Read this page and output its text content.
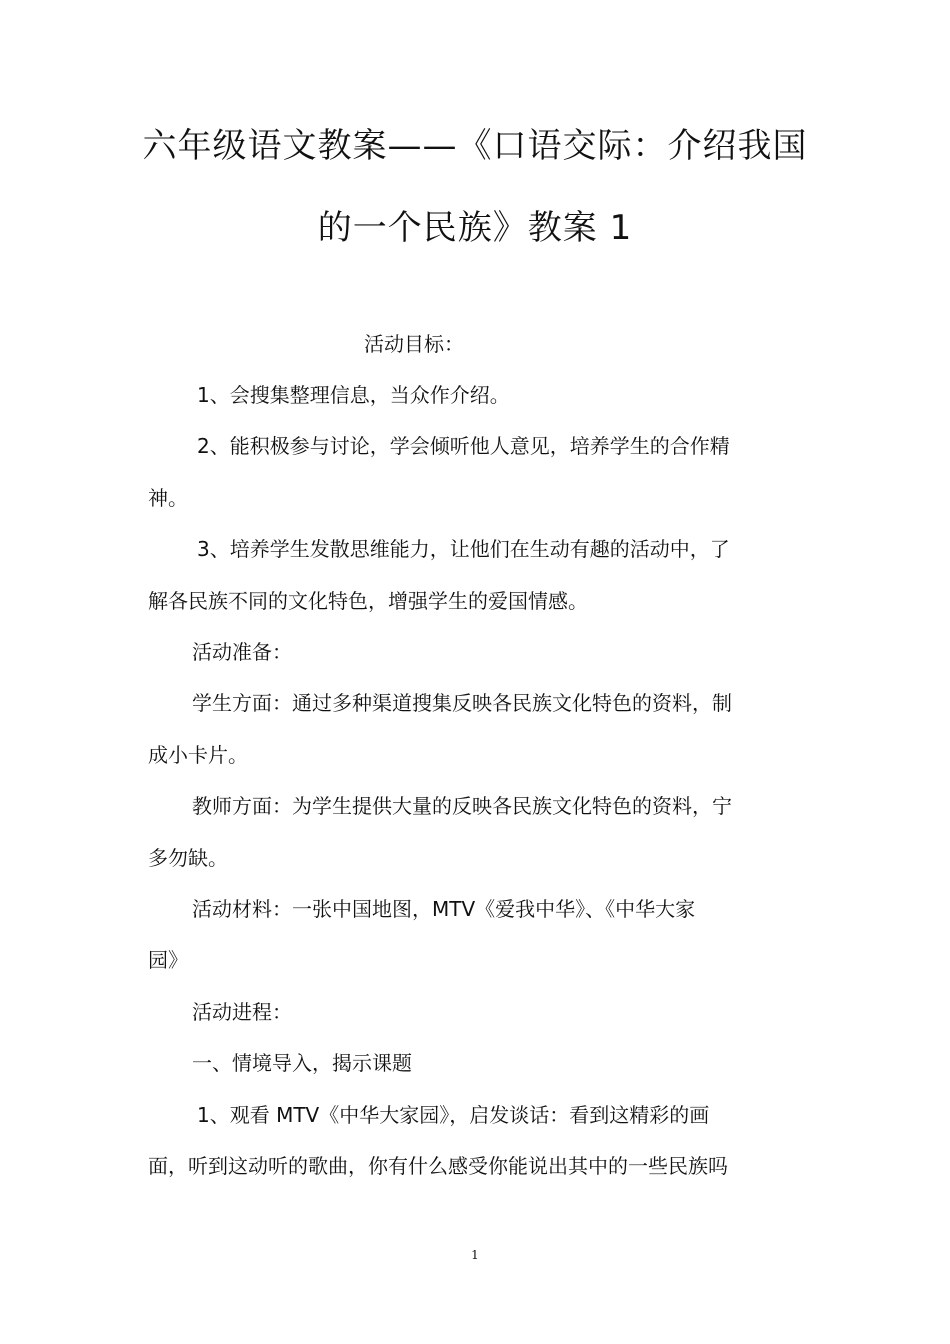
六年级语文教案——《口语交际：介绍我国
的一个民族》教案 1
活动目标：
1、会搜集整理信息，当众作介绍。
2、能积极参与讨论，学会倾听他人意见，培养学生的合作精
神。
3、培养学生发散思维能力，让他们在生动有趣的活动中，了
解各民族不同的文化特色，增强学生的爱国情感。
活动准备：
学生方面：通过多种渠道搜集反映各民族文化特色的资料，制
成小卡片。
教师方面：为学生提供大量的反映各民族文化特色的资料，宁
多勿缺。
活动材料：一张中国地图，MTV《爱我中华》、《中华大家
园》
活动进程：
一、情境导入，揭示课题
1、观看 MTV《中华大家园》，启发谈话：看到这精彩的画
面，听到这动听的歌曲，你有什么感受你能说出其中的一些民族吗
1
